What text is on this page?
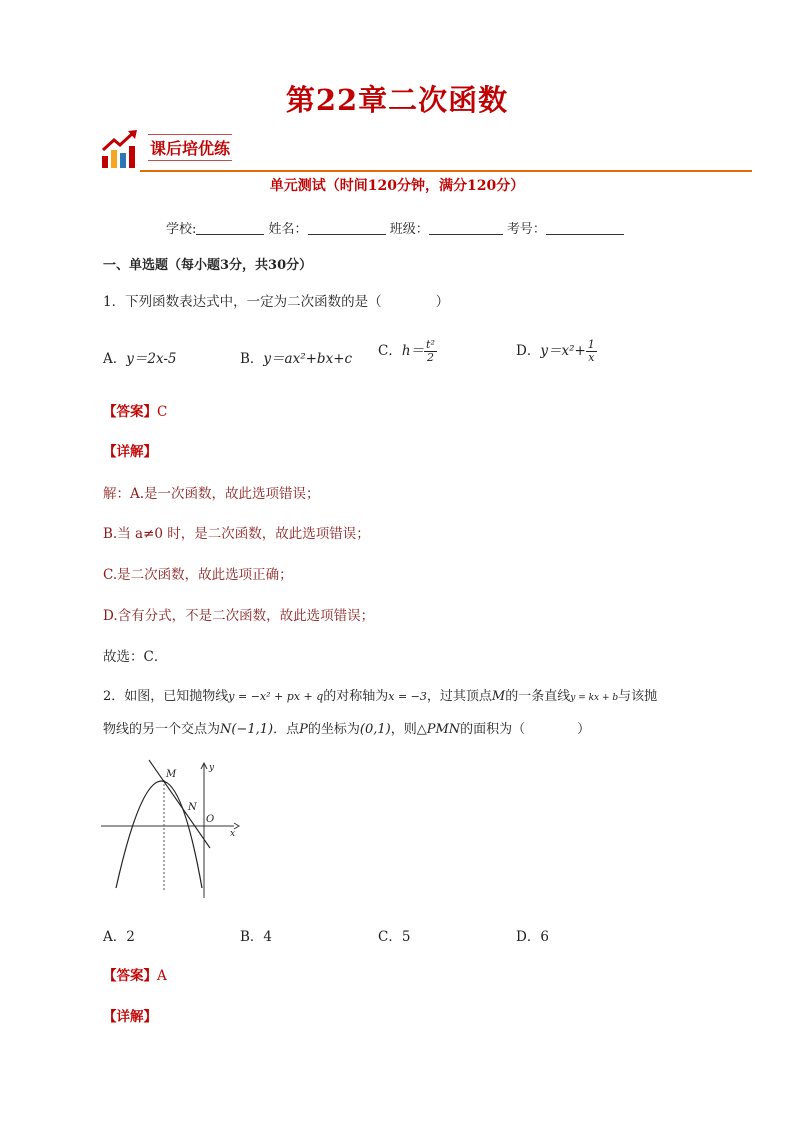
第22章二次函数
课后培优练
单元测试（时间120分钟，满分120分）
学校:	姓名：	班级：	考号：
一、单选题（每小题3分，共30分）
1．下列函数表达式中，一定为二次函数的是（　　　　）
A．y＝2x-5	B．y＝ax²+bx+c C．$h= \frac{\text{t²}}{2}$	D．$y=x^2+ \frac{1}{x}$
【答案】C
【详解】
解：A.是一次函数，故此选项错误；
B.当 a≠0 时，是二次函数，故此选项错误；
C.是二次函数，故此选项正确；
D.含有分式，不是二次函数，故此选项错误；
故选：C．
2．如图，已知抛物线y = −x² + px + q的对称轴为x = −3，过其顶点M的一条直线y = kx + b与该抛
物线的另一个交点为N(−1,1)．点P的坐标为(0,1)，则△PMN的面积为（　　　　）
M
N
O
x
y
A．2	B．4	C．5	D．6
【答案】A
【详解】
